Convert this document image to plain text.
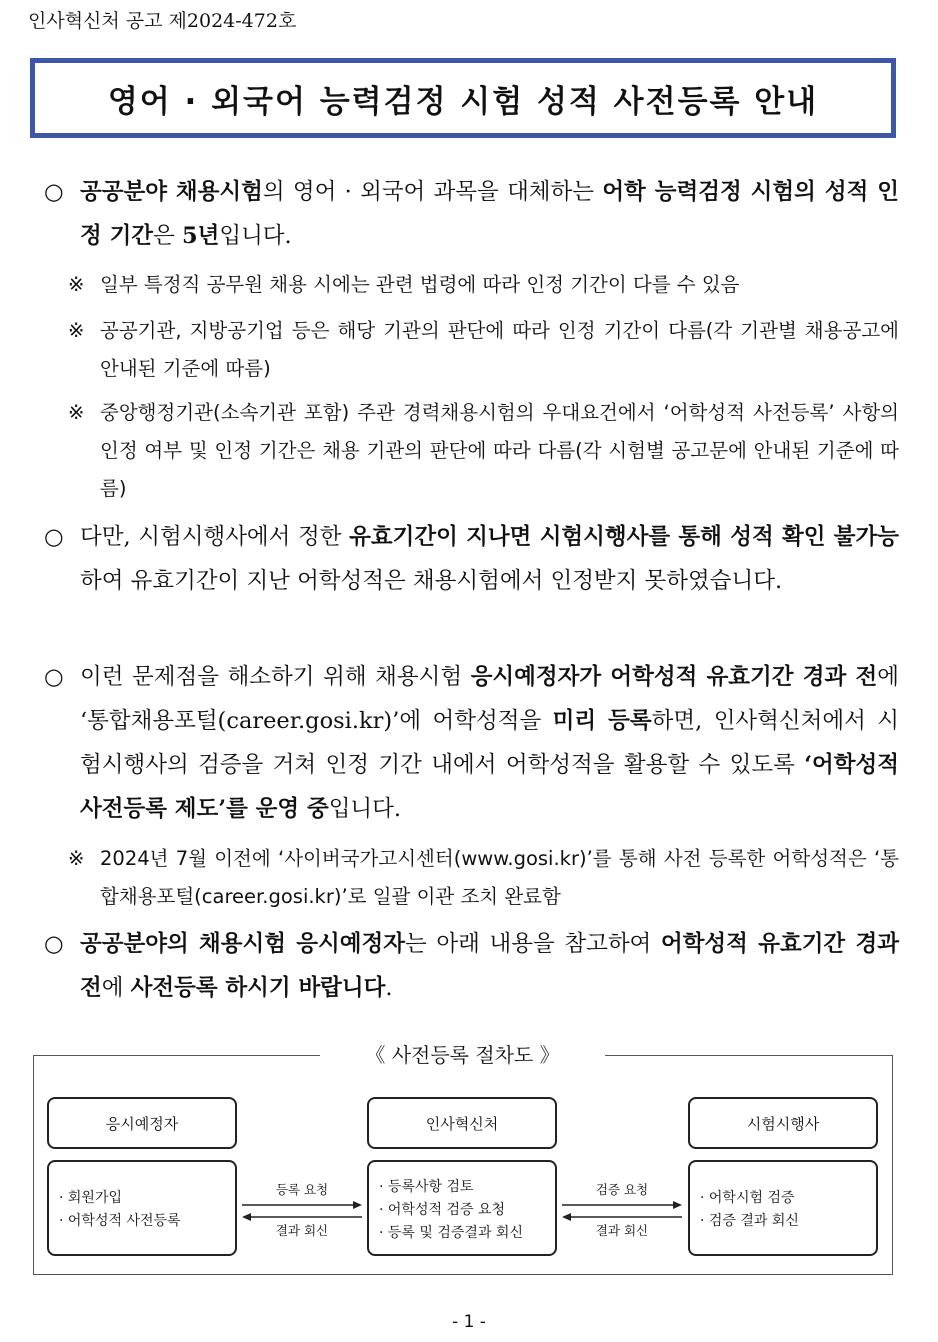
인사혁신처 공고 제2024-472호
영어 · 외국어 능력검정 시험 성적 사전등록 안내
○ 공공분야 채용시험의 영어 · 외국어 과목을 대체하는 어학 능력검정 시험의 성적 인정 기간은 5년입니다.
※ 일부 특정직 공무원 채용 시에는 관련 법령에 따라 인정 기간이 다를 수 있음
※ 공공기관, 지방공기업 등은 해당 기관의 판단에 따라 인정 기간이 다름(각 기관별 채용공고에 안내된 기준에 따름)
※ 중앙행정기관(소속기관 포함) 주관 경력채용시험의 우대요건에서 ‘어학성적 사전등록’ 사항의 인정 여부 및 인정 기간은 채용 기관의 판단에 따라 다름(각 시험별 공고문에 안내된 기준에 따름)
○ 다만, 시험시행사에서 정한 유효기간이 지나면 시험시행사를 통해 성적 확인 불가능하여 유효기간이 지난 어학성적은 채용시험에서 인정받지 못하였습니다.
○ 이런 문제점을 해소하기 위해 채용시험 응시예정자가 어학성적 유효기간 경과 전에 ‘통합채용포털(career.gosi.kr)’에 어학성적을 미리 등록하면, 인사혁신처에서 시험시행사의 검증을 거쳐 인정 기간 내에서 어학성적을 활용할 수 있도록 ‘어학성적 사전등록 제도’를 운영 중입니다.
※ 2024년 7월 이전에 ‘사이버국가고시센터(www.gosi.kr)’를 통해 사전 등록한 어학성적은 ‘통합채용포털(career.gosi.kr)’로 일괄 이관 조치 완료함
○ 공공분야의 채용시험 응시예정자는 아래 내용을 참고하여 어학성적 유효기간 경과 전에 사전등록 하시기 바랍니다.
《 사전등록 절차도 》
응시예정자	인사혁신처	시험시행사
· 회원가입
· 어학성적 사전등록
· 등록사항 검토
· 어학성적 검증 요청
· 등록 및 검증결과 회신
· 어학시험 검증
· 검증 결과 회신
등록 요청
결과 회신
검증 요청
결과 회신
- 1 -
